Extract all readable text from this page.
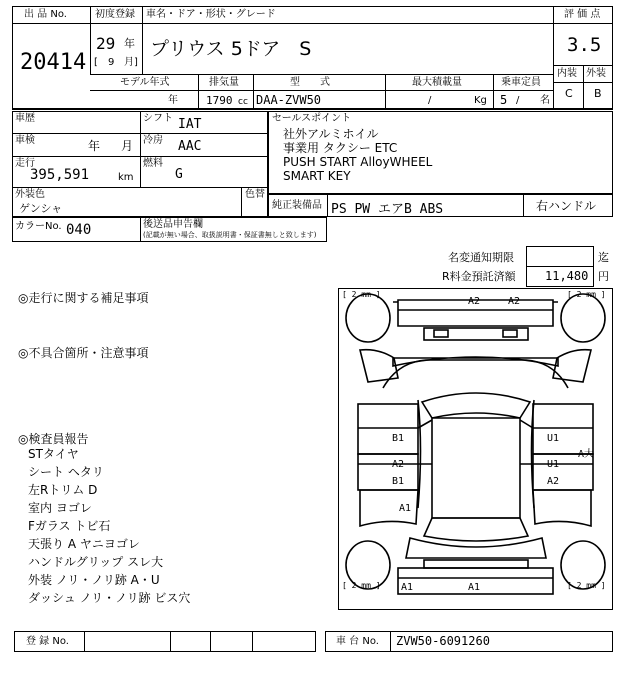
出 品 No.
20414
初度登録
29 年
[ 9 月]
車名・ドア・形状・グレード
プリウス 5ドア　S
評 価 点
3.5
内装 外装
C B
モデル年式
年
排気量
1790 cc
型　　式
DAA-ZVW50
最大積載量
/	Kg
乗車定員
5 / 名
車歴
車検	年 月
走行
395,591	km
シフト IAT
冷房 AAC
燃料
G
外装色
ゲンシャ
色替
セールスポイント
社外アルミホイル
事業用 タクシー ETC
PUSH START AlloyWHEEL
SMART KEY
純正装備品 PS PW エアB ABS	右ハンドル
カラーNo. 040	後送品申告欄
(記載が無い場合、取扱説明書・保証書無しと致します)
名変通知期限	迄
R料金預託済額 11,480 円
◎走行に関する補足事項
◎不具合箇所・注意事項
◎検査員報告
STタイヤ
シート ヘタリ
左Rトリム D
室内 ヨゴレ
Fガラス トビ石
天張り A ヤニヨゴレ
ハンドルグリップ スレ大
外装 ノリ・ノリ跡 A・U
ダッシュ ノリ・ノリ跡 ビス穴
[ 2 mm ]	[ 2 mm ]
[ 2 mm ]	[ 2 mm ]
A2	A2
B1
A2
B1
A1
U1
U1
A2
A大
A1	A1
登 録 No.	車 台 No. ZVW50-6091260
